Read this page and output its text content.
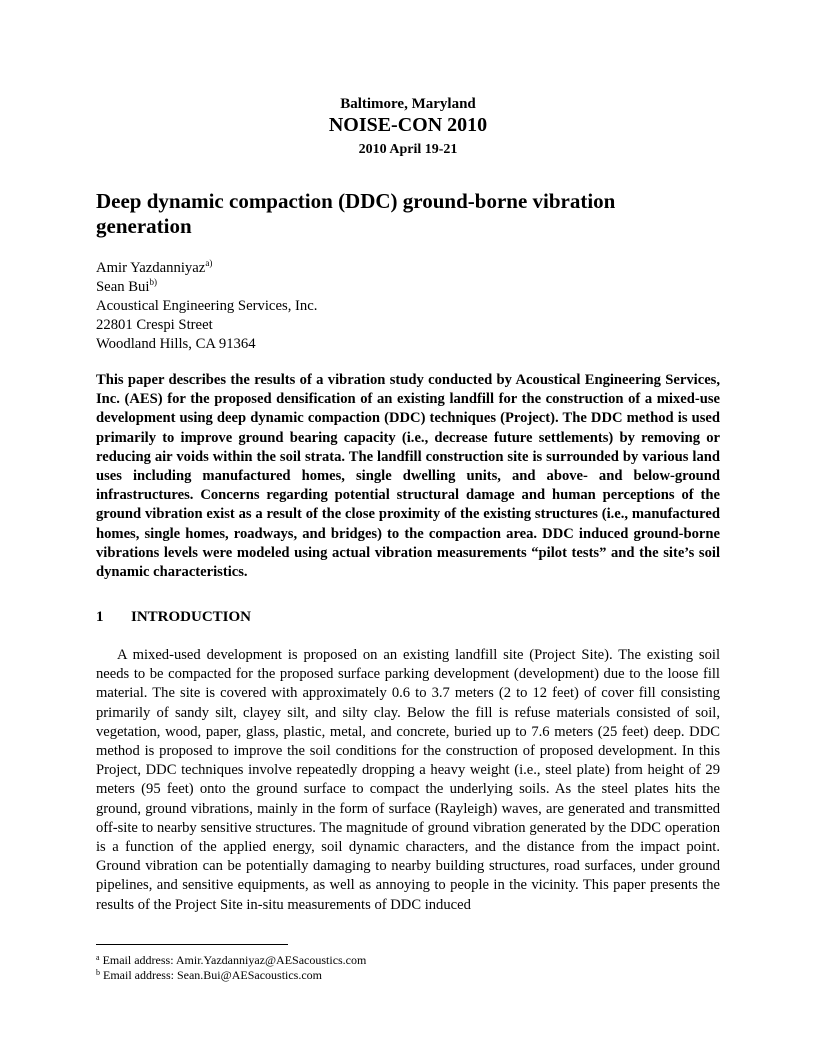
Baltimore, Maryland
NOISE-CON 2010
2010 April 19-21
Deep dynamic compaction (DDC) ground-borne vibration generation
Amir Yazdanniyaz$^{a)}$
Sean Bui$^{b)}$
Acoustical Engineering Services, Inc.
22801 Crespi Street
Woodland Hills, CA 91364

This paper describes the results of a vibration study conducted by Acoustical Engineering Services, Inc. (AES) for the proposed densification of an existing landfill for the construction of a mixed-use development using deep dynamic compaction (DDC) techniques (Project). The DDC method is used primarily to improve ground bearing capacity (i.e., decrease future settlements) by removing or reducing air voids within the soil strata. The landfill construction site is surrounded by various land uses including manufactured homes, single dwelling units, and above- and below-ground infrastructures. Concerns regarding potential structural damage and human perceptions of the ground vibration exist as a result of the close proximity of the existing structures (i.e., manufactured homes, single homes, roadways, and bridges) to the compaction area. DDC induced ground-borne vibrations levels were modeled using actual vibration measurements “pilot tests” and the site’s soil dynamic characteristics.

1 INTRODUCTION

A mixed-used development is proposed on an existing landfill site (Project Site). The existing soil needs to be compacted for the proposed surface parking development (development) due to the loose fill material. The site is covered with approximately 0.6 to 3.7 meters (2 to 12 feet) of cover fill consisting primarily of sandy silt, clayey silt, and silty clay. Below the fill is refuse materials consisted of soil, vegetation, wood, paper, glass, plastic, metal, and concrete, buried up to 7.6 meters (25 feet) deep. DDC method is proposed to improve the soil conditions for the construction of proposed development. In this Project, DDC techniques involve repeatedly dropping a heavy weight (i.e., steel plate) from height of 29 meters (95 feet) onto the ground surface to compact the underlying soils. As the steel plates hits the ground, ground vibrations, mainly in the form of surface (Rayleigh) waves, are generated and transmitted off-site to nearby sensitive structures. The magnitude of ground vibration generated by the DDC operation is a function of the applied energy, soil dynamic characters, and the distance from the impact point. Ground vibration can be potentially damaging to nearby building structures, road surfaces, under ground pipelines, and sensitive equipments, as well as annoying to people in the vicinity. This paper presents the results of the Project Site in-situ measurements of DDC induced

$^a$ Email address: Amir.Yazdanniyaz@AESacoustics.com
$^b$ Email address: Sean.Bui@AESacoustics.com
